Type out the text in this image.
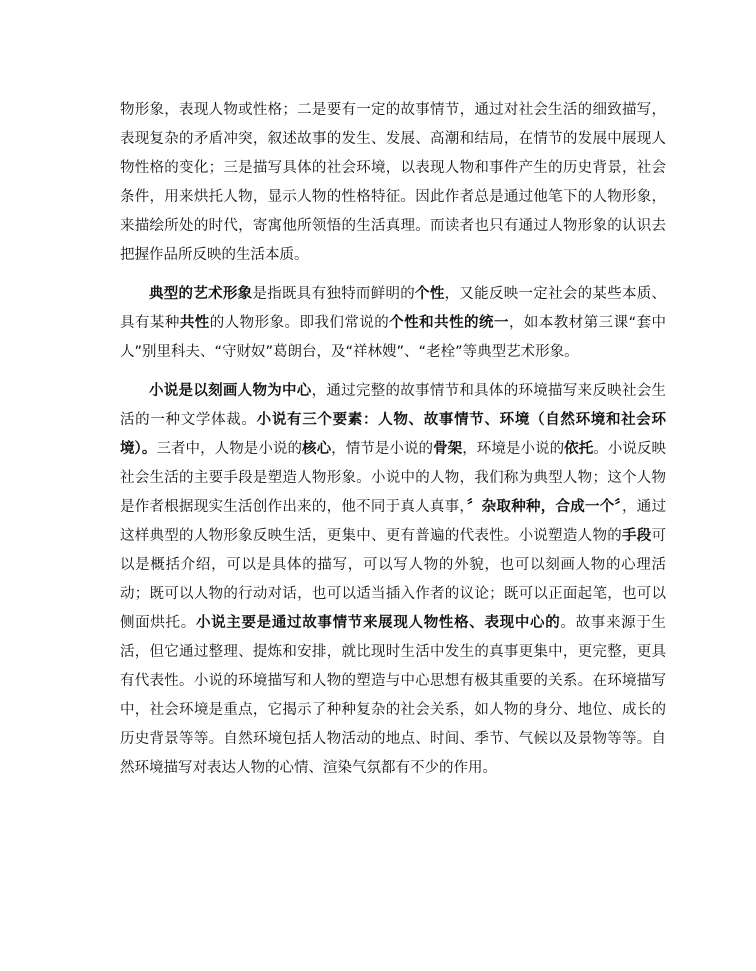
物形象，表现人物或性格；二是要有一定的故事情节，通过对社会生活的细致描写，表现复杂的矛盾冲突，叙述故事的发生、发展、高潮和结局，在情节的发展中展现人物性格的变化；三是描写具体的社会环境，以表现人物和事件产生的历史背景，社会条件，用来烘托人物，显示人物的性格特征。因此作者总是通过他笔下的人物形象，来描绘所处的时代，寄寓他所领悟的生活真理。而读者也只有通过人物形象的认识去把握作品所反映的生活本质。

典型的艺术形象是指既具有独特而鲜明的个性，又能反映一定社会的某些本质、具有某种共性的人物形象。即我们常说的个性和共性的统一，如本教材第三课“套中人”别里科夫、“守财奴”葛朗台，及“祥林嫂”、“老栓”等典型艺术形象。

小说是以刻画人物为中心，通过完整的故事情节和具体的环境描写来反映社会生活的一种文学体裁。小说有三个要素：人物、故事情节、环境（自然环境和社会环境）。三者中，人物是小说的核心，情节是小说的骨架，环境是小说的依托。小说反映社会生活的主要手段是塑造人物形象。小说中的人物，我们称为典型人物；这个人物是作者根据现实生活创作出来的，他不同于真人真事，〞杂取种种，合成一个〞，通过这样典型的人物形象反映生活，更集中、更有普遍的代表性。小说塑造人物的手段可以是概括介绍，可以是具体的描写，可以写人物的外貌，也可以刻画人物的心理活动；既可以人物的行动对话，也可以适当插入作者的议论；既可以正面起笔，也可以侧面烘托。小说主要是通过故事情节来展现人物性格、表现中心的。故事来源于生活，但它通过整理、提炼和安排，就比现时生活中发生的真事更集中，更完整，更具有代表性。小说的环境描写和人物的塑造与中心思想有极其重要的关系。在环境描写中，社会环境是重点，它揭示了种种复杂的社会关系，如人物的身分、地位、成长的历史背景等等。自然环境包括人物活动的地点、时间、季节、气候以及景物等等。自然环境描写对表达人物的心情、渲染气氛都有不少的作用。
